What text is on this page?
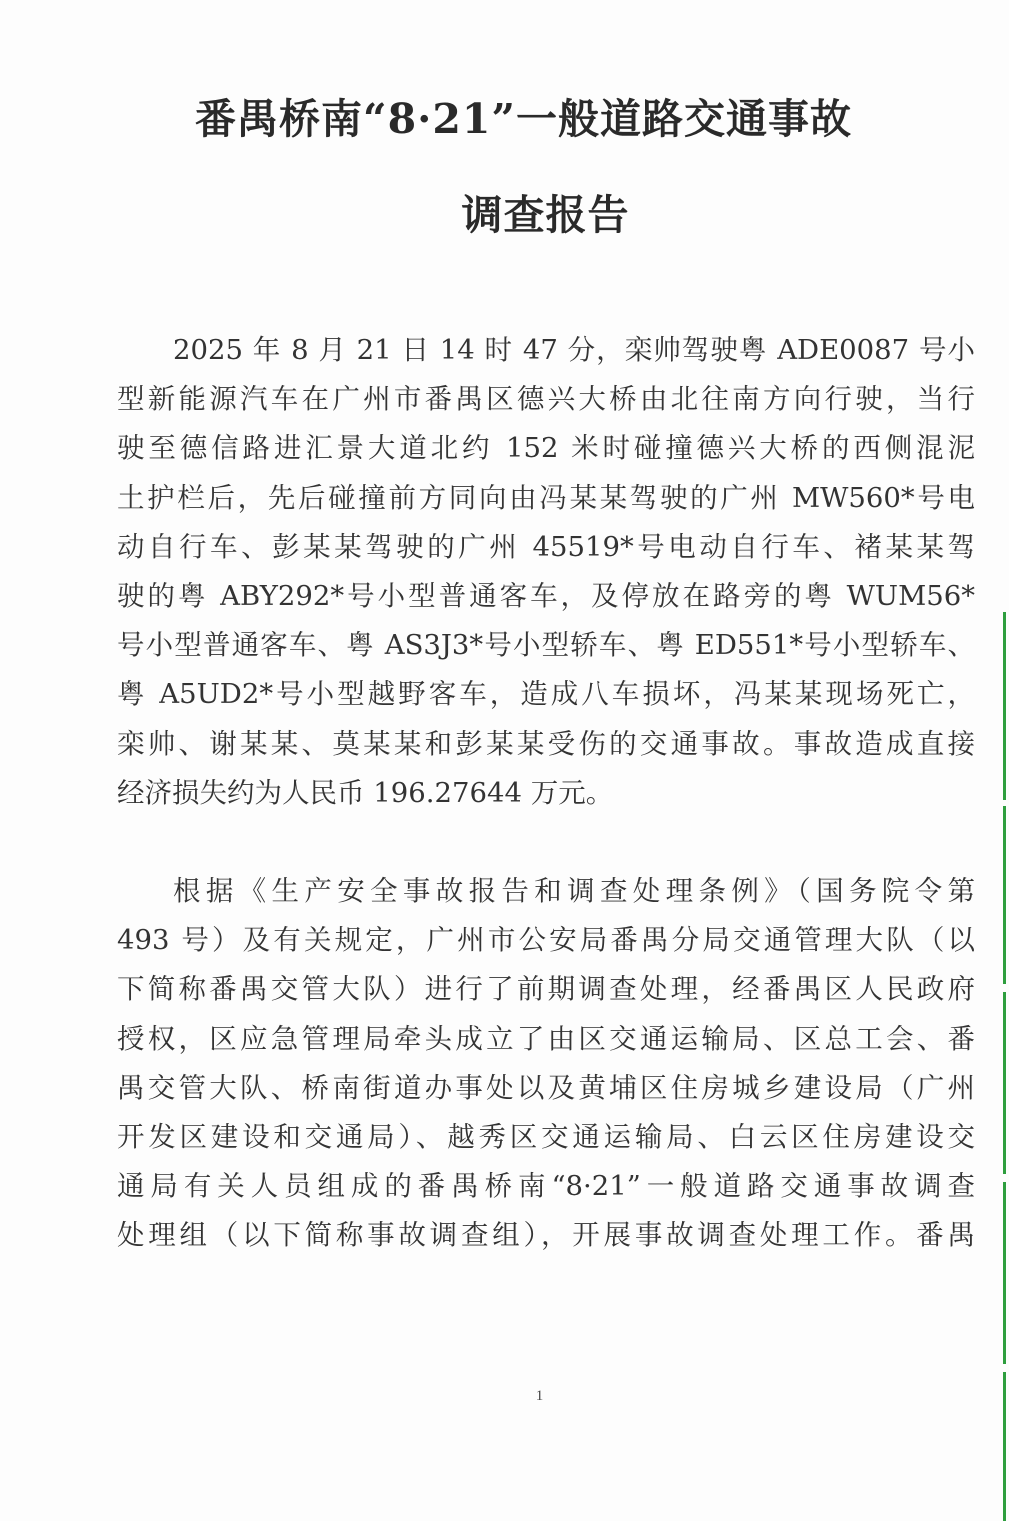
番禺桥南“8·21”一般道路交通事故
调查报告
2025 年 8 月 21 日 14 时 47 分，栾帅驾驶粤 ADE0087 号小
型新能源汽车在广州市番禺区德兴大桥由北往南方向行驶，当行
驶至德信路进汇景大道北约 152 米时碰撞德兴大桥的西侧混泥
土护栏后，先后碰撞前方同向由冯某某驾驶的广州 MW560*号电
动自行车、彭某某驾驶的广州 45519*号电动自行车、褚某某驾
驶的粤 ABY292*号小型普通客车，及停放在路旁的粤 WUM56*
号小型普通客车、粤 AS3J3*号小型轿车、粤 ED551*号小型轿车、
粤 A5UD2*号小型越野客车，造成八车损坏，冯某某现场死亡，
栾帅、谢某某、莫某某和彭某某受伤的交通事故。事故造成直接
经济损失约为人民币 196.27644 万元。
根据《生产安全事故报告和调查处理条例》（国务院令第
493 号）及有关规定，广州市公安局番禺分局交通管理大队（以
下简称番禺交管大队）进行了前期调查处理，经番禺区人民政府
授权，区应急管理局牵头成立了由区交通运输局、区总工会、番
禺交管大队、桥南街道办事处以及黄埔区住房城乡建设局（广州
开发区建设和交通局）、越秀区交通运输局、白云区住房建设交
通局有关人员组成的番禺桥南“8·21”一般道路交通事故调查
处理组（以下简称事故调查组），开展事故调查处理工作。番禺
1
